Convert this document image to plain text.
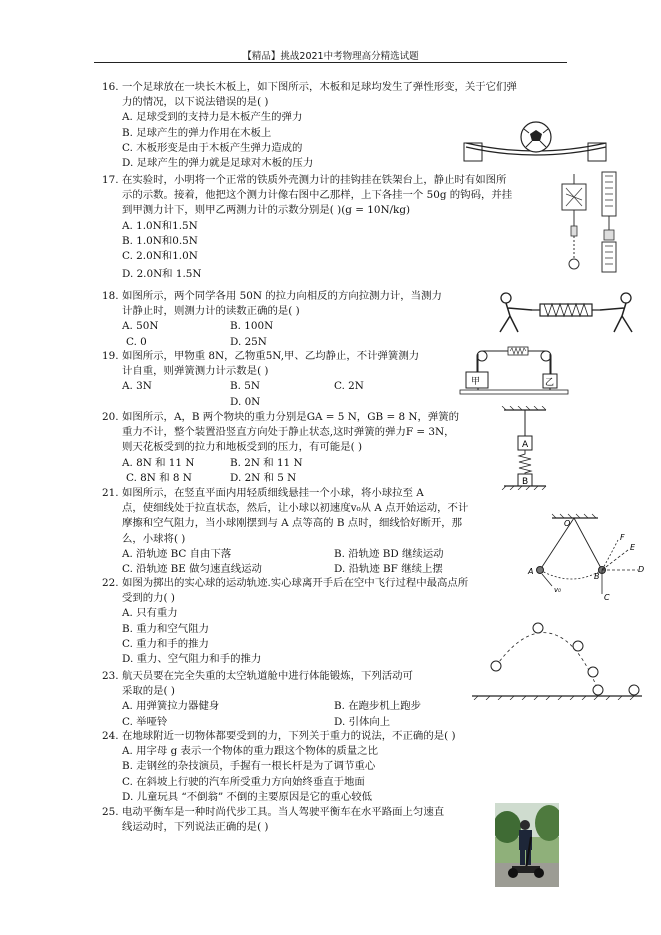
【精品】挑战2021中考物理高分精选试题
16. 一个足球放在一块长木板上，如下图所示，木板和足球均发生了弹性形变，关于它们弹
力的情况，以下说法错误的是( )
A. 足球受到的支持力是木板产生的弹力
B. 足球产生的弹力作用在木板上
C. 木板形变是由于木板产生弹力造成的
D. 足球产生的弹力就是足球对木板的压力
17. 在实验时，小明将一个正常的铁质外壳测力计的挂钩挂在铁架台上，静止时有如图所
示的示数。接着，他把这个测力计像右图中乙那样，上下各挂一个 50g 的钩码，并挂
到甲测力计下，则甲乙两测力计的示数分别是( )(g = 10N/kg)
A. 1.0N和1.5N
B. 1.0N和0.5N
C. 2.0N和1.0N
D. 2.0N和 1.5N
18. 如图所示，两个同学各用 50N 的拉力向相反的方向拉测力计，当测力
计静止时，则测力计的读数正确的是( )
A. 50N	B. 100N
C. 0	D. 25N
19. 如图所示，甲物重 8N，乙物重5N,甲、乙均静止，不计弹簧测力
计自重，则弹簧测力计示数是( )
A. 3N	B. 5N	C. 2N
D. 0N
甲	乙
20. 如图所示，A，B 两个物块的重力分别是GA = 5 N，GB = 8 N，弹簧的
重力不计，整个装置沿竖直方向处于静止状态,这时弹簧的弹力F = 3N，
则天花板受到的拉力和地板受到的压力，有可能是( )
A. 8N 和 11 N	B. 2N 和 11 N
C. 8N 和 8 N	D. 2N 和 5 N
A
B
21. 如图所示，在竖直平面内用轻质细线悬挂一个小球，将小球拉至 A
点，使细线处于拉直状态，然后，让小球以初速度v₀从 A 点开始运动，不计
摩擦和空气阻力，当小球刚摆到与 A 点等高的 B 点时，细线恰好断开，那
么，小球将( )
A. 沿轨迹 BC 自由下落	B. 沿轨迹 BD 继续运动
C. 沿轨迹 BE 做匀速直线运动	D. 沿轨迹 BF 继续上摆
O
A
B
v₀
C
D
E
F
22. 如图为掷出的实心球的运动轨迹.实心球离开手后在空中飞行过程中最高点所
受到的力( )
A. 只有重力
B. 重力和空气阻力
C. 重力和手的推力
D. 重力、空气阻力和手的推力
23. 航天员要在完全失重的太空轨道舱中进行体能锻炼，下列活动可
采取的是( )
A. 用弹簧拉力器健身	B. 在跑步机上跑步
C. 举哑铃	D. 引体向上
24. 在地球附近一切物体都要受到的力，下列关于重力的说法，不正确的是( )
A. 用字母 g 表示一个物体的重力跟这个物体的质量之比
B. 走钢丝的杂技演员，手握有一根长杆是为了调节重心
C. 在斜坡上行驶的汽车所受重力方向始终垂直于地面
D. 儿童玩具 “不倒翁” 不倒的主要原因是它的重心较低
25. 电动平衡车是一种时尚代步工具。当人驾驶平衡车在水平路面上匀速直
线运动时，下列说法正确的是( )
